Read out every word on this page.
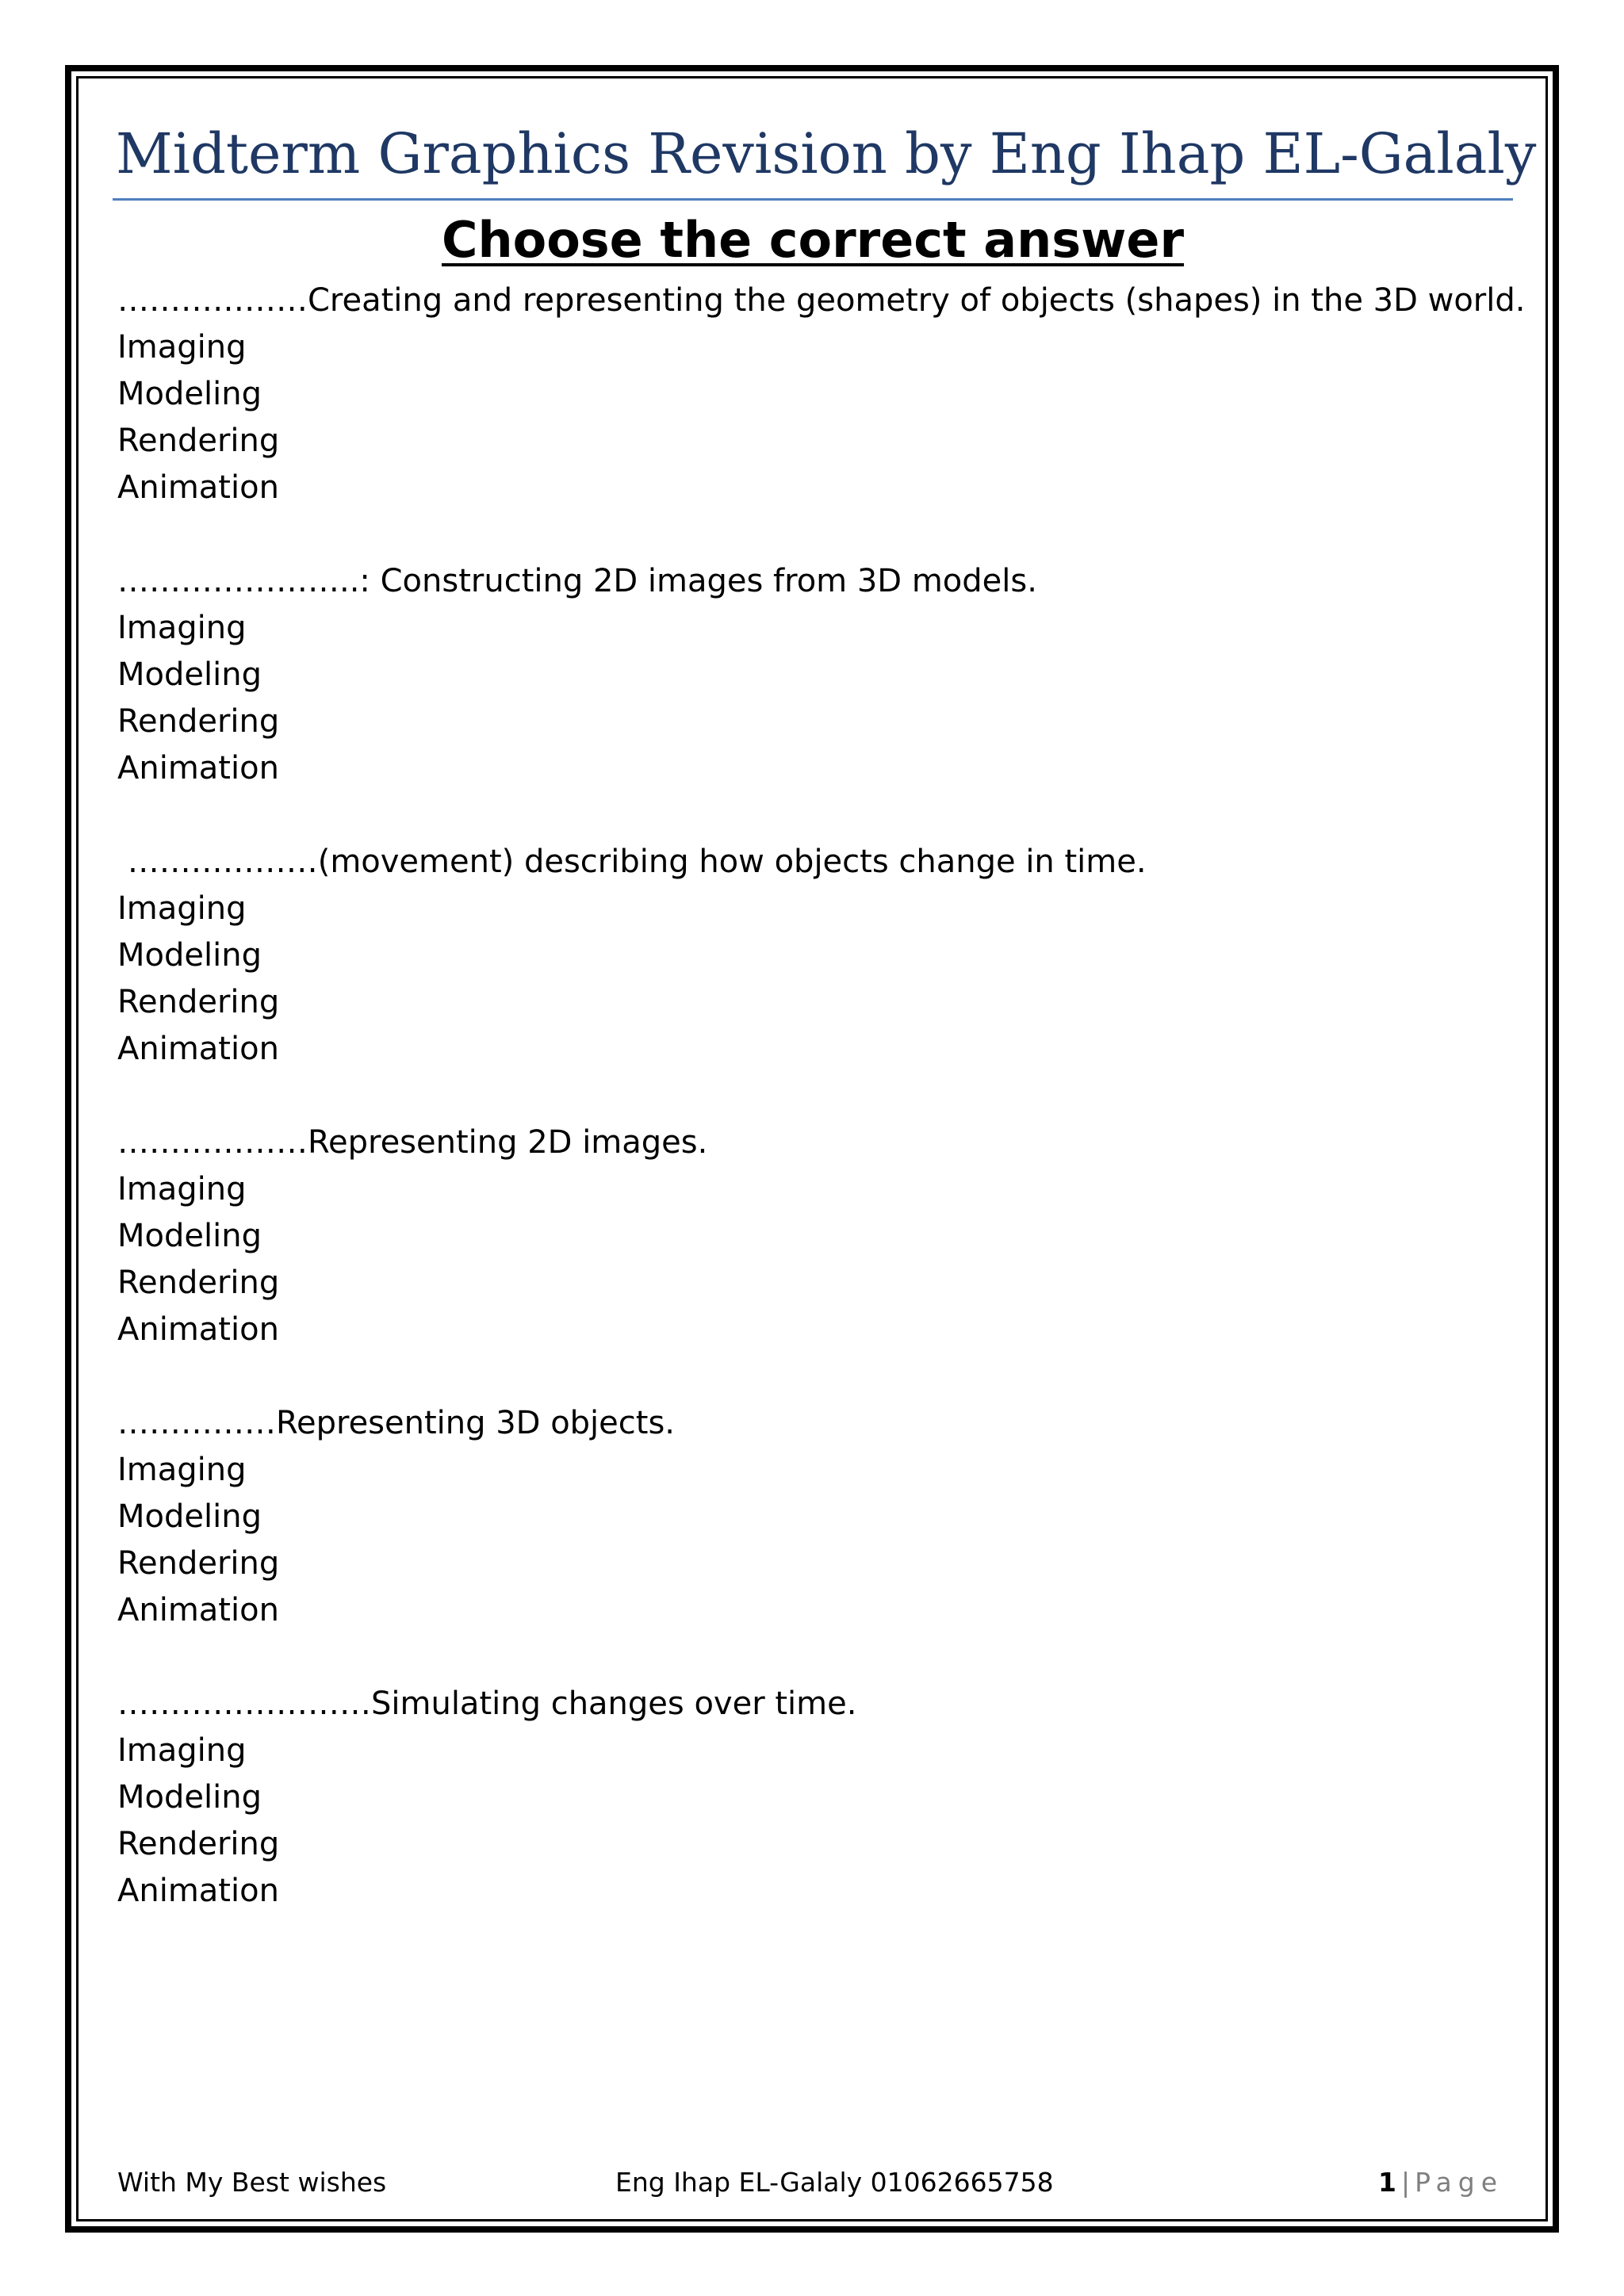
Midterm Graphics Revision by Eng Ihap EL-Galaly
Choose the correct answer
………………Creating and representing the geometry of objects (shapes) in the 3D world.
Imaging
Modeling
Rendering
Animation
…………………..: Constructing 2D images from 3D models.
Imaging
Modeling
Rendering
Animation
………………(movement) describing how objects change in time.
Imaging
Modeling
Rendering
Animation
………………Representing 2D images.
Imaging
Modeling
Rendering
Animation
……………Representing 3D objects.
Imaging
Modeling
Rendering
Animation
……………………Simulating changes over time.
Imaging
Modeling
Rendering
Animation
With My Best wishes	Eng Ihap EL-Galaly 01062665758	1 | Page
